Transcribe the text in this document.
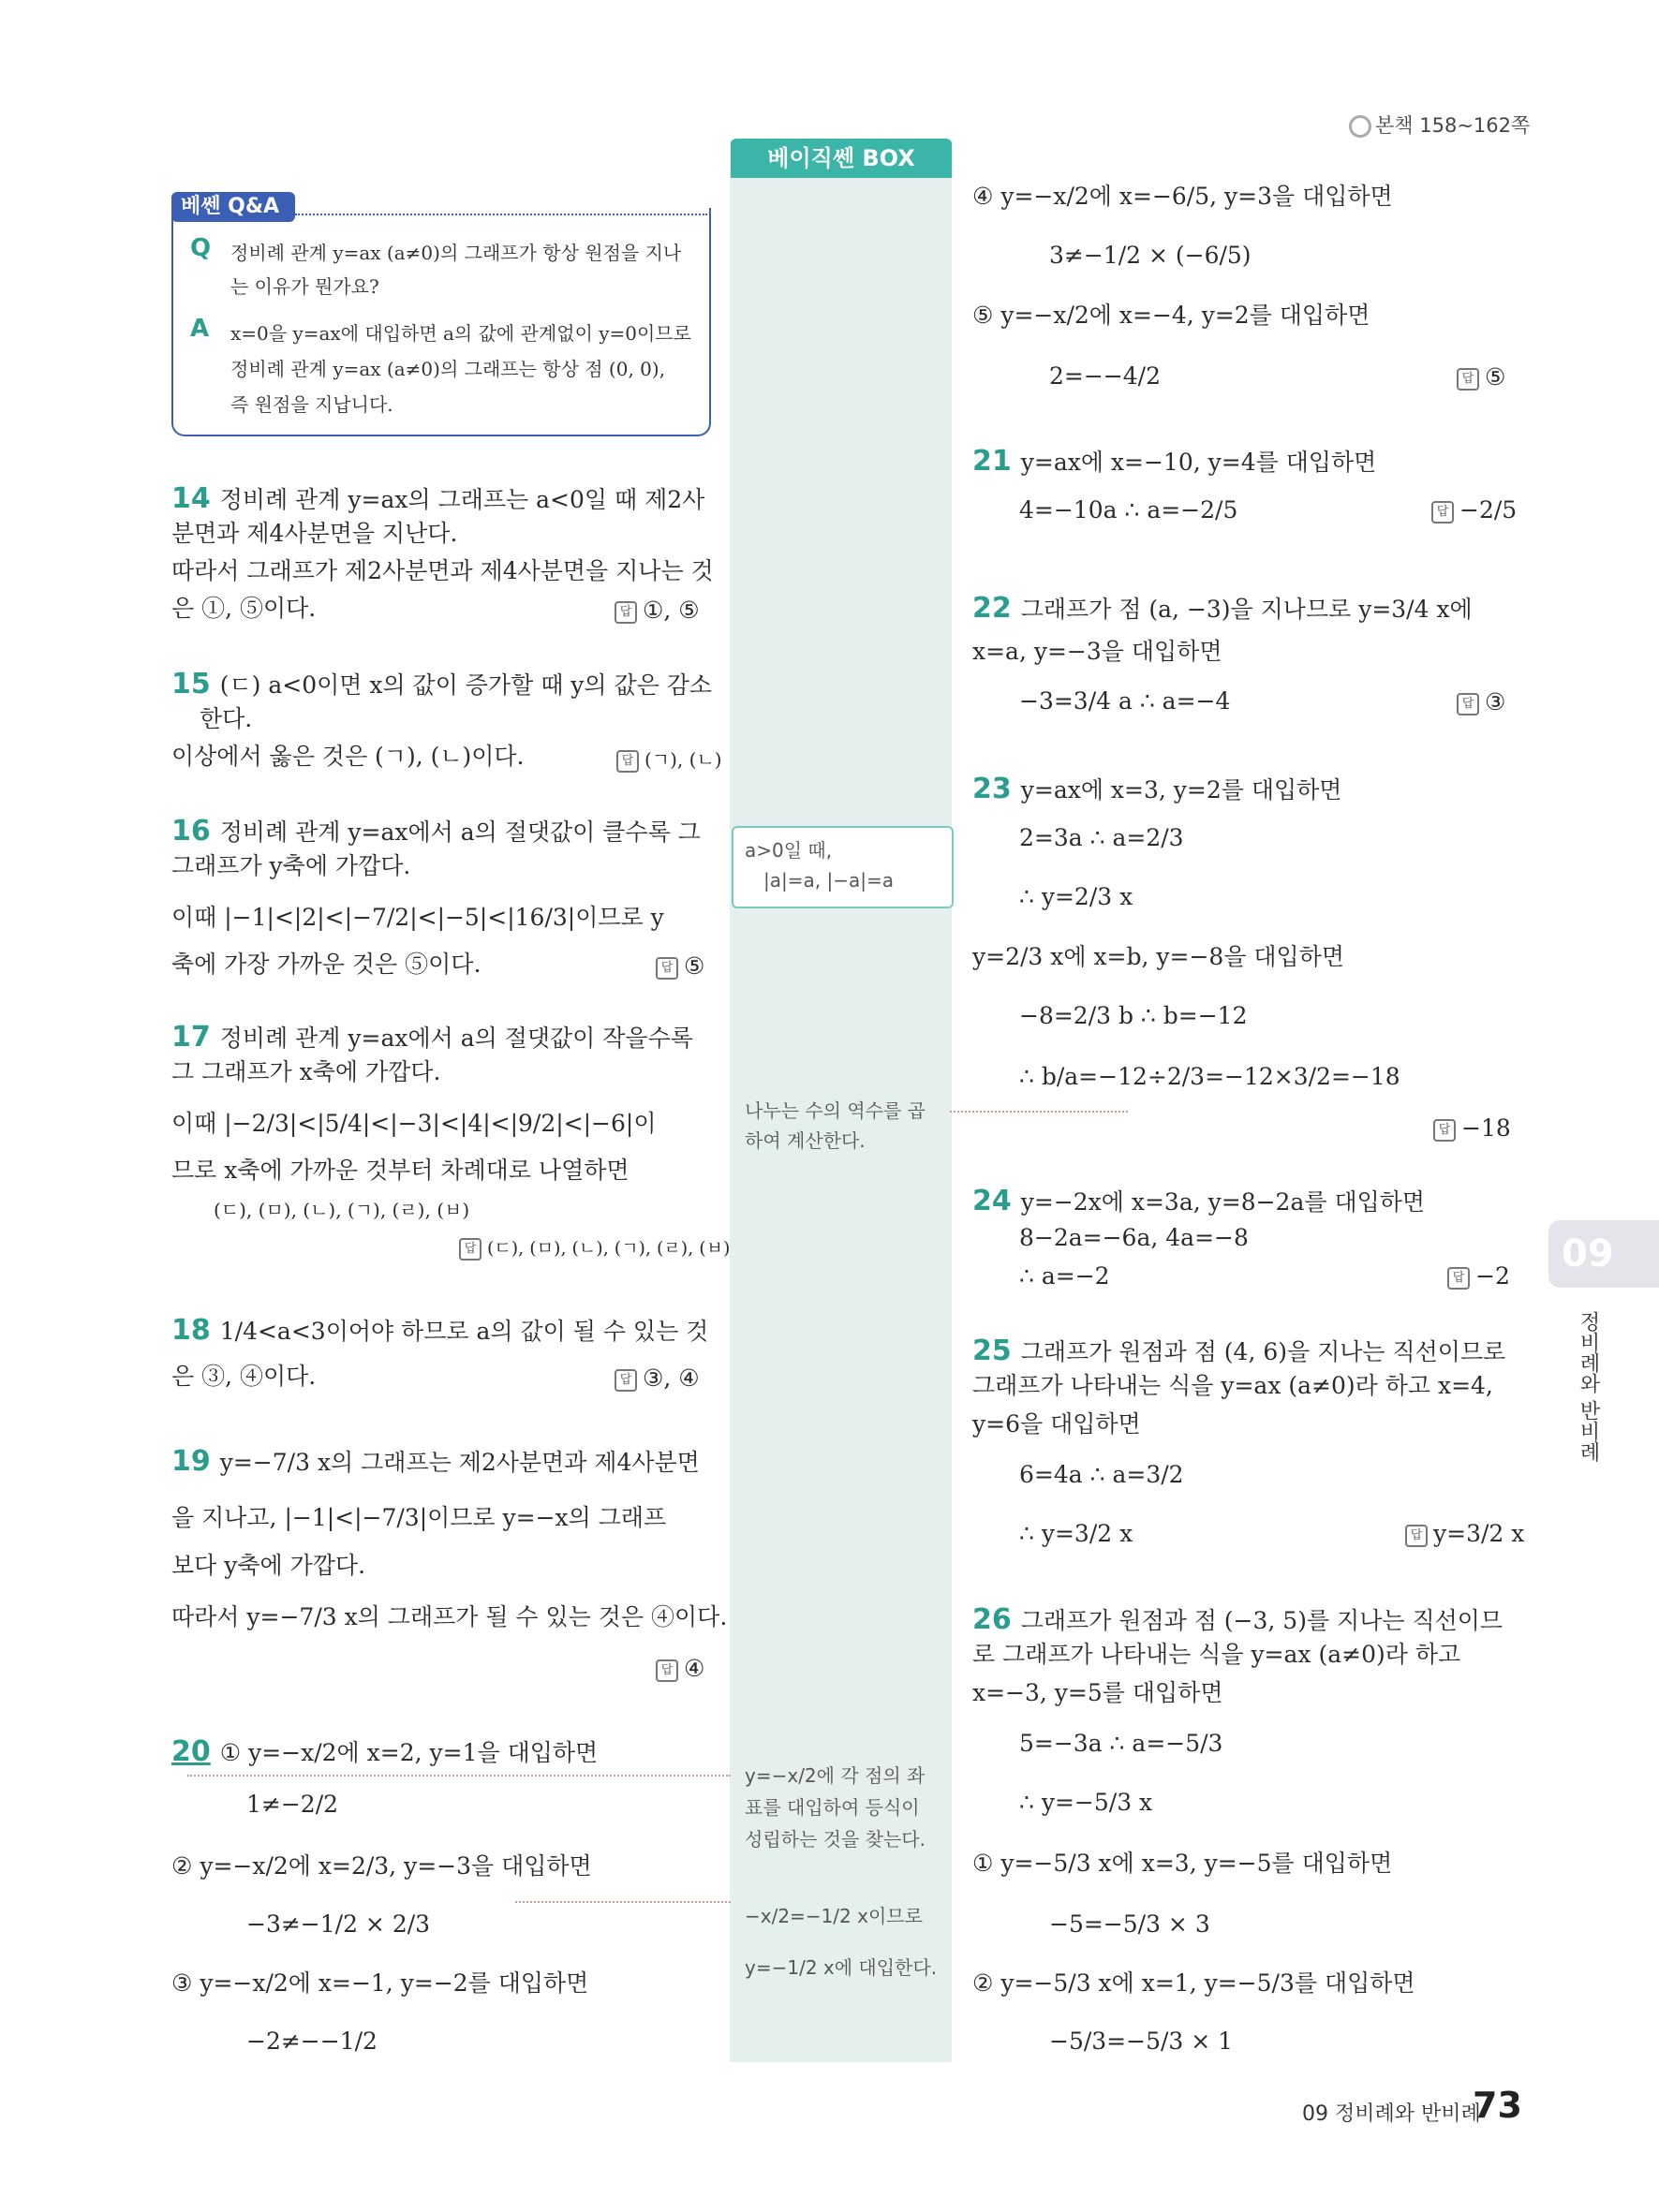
본책 158~162쪽
베이직쎈 BOX
베쎈 Q&A
Q 정비례 관계 y=ax (a≠0)의 그래프가 항상 원점을 지나
는 이유가 뭔가요?
A x=0을 y=ax에 대입하면 a의 값에 관계없이 y=0이므로
정비례 관계 y=ax (a≠0)의 그래프는 항상 점 (0, 0),
즉 원점을 지납니다.
14 정비례 관계 y=ax의 그래프는 a<0일 때 제2사
분면과 제4사분면을 지난다.
따라서 그래프가 제2사분면과 제4사분면을 지나는 것
은 ①, ⑤이다.	답 ①, ⑤
15 (ㄷ) a<0이면 x의 값이 증가할 때 y의 값은 감소
한다.
이상에서 옳은 것은 (ㄱ), (ㄴ)이다.	답 (ㄱ), (ㄴ)
16 정비례 관계 y=ax에서 a의 절댓값이 클수록 그
그래프가 y축에 가깝다.
이때 |−1|<|2|<|−7/2|<|−5|<|16/3|이므로 y
축에 가장 가까운 것은 ⑤이다.	답 ⑤
17 정비례 관계 y=ax에서 a의 절댓값이 작을수록
그 그래프가 x축에 가깝다.
이때 |−2/3|<|5/4|<|−3|<|4|<|9/2|<|−6|이
므로 x축에 가까운 것부터 차례대로 나열하면
(ㄷ), (ㅁ), (ㄴ), (ㄱ), (ㄹ), (ㅂ)
답 (ㄷ), (ㅁ), (ㄴ), (ㄱ), (ㄹ), (ㅂ)
18 1/4<a<3이어야 하므로 a의 값이 될 수 있는 것
은 ③, ④이다.	답 ③, ④
19 y=−7/3 x의 그래프는 제2사분면과 제4사분면
을 지나고, |−1|<|−7/3|이므로 y=−x의 그래프
보다 y축에 가깝다.
따라서 y=−7/3 x의 그래프가 될 수 있는 것은 ④이다.
답 ④
20 ① y=−x/2에 x=2, y=1을 대입하면
1≠−2/2
② y=−x/2에 x=2/3, y=−3을 대입하면
−3≠−1/2 × 2/3
③ y=−x/2에 x=−1, y=−2를 대입하면
−2≠−−1/2
a>0일 때,
|a|=a, |−a|=a
나누는 수의 역수를 곱
하여 계산한다.
y=−x/2에 각 점의 좌
표를 대입하여 등식이
성립하는 것을 찾는다.
−x/2=−1/2 x이므로
y=−1/2 x에 대입한다.
④ y=−x/2에 x=−6/5, y=3을 대입하면
3≠−1/2 × (−6/5)
⑤ y=−x/2에 x=−4, y=2를 대입하면
2=−−4/2	답 ⑤
21 y=ax에 x=−10, y=4를 대입하면
4=−10a ∴ a=−2/5	답 −2/5
22 그래프가 점 (a, −3)을 지나므로 y=3/4 x에
x=a, y=−3을 대입하면
−3=3/4 a ∴ a=−4	답 ③
23 y=ax에 x=3, y=2를 대입하면
2=3a ∴ a=2/3
∴ y=2/3 x
y=2/3 x에 x=b, y=−8을 대입하면
−8=2/3 b ∴ b=−12
∴ b/a=−12÷2/3=−12×3/2=−18
답 −18
24 y=−2x에 x=3a, y=8−2a를 대입하면
8−2a=−6a, 4a=−8
∴ a=−2	답 −2
25 그래프가 원점과 점 (4, 6)을 지나는 직선이므로
그래프가 나타내는 식을 y=ax (a≠0)라 하고 x=4,
y=6을 대입하면
6=4a ∴ a=3/2
∴ y=3/2 x	답 y=3/2 x
26 그래프가 원점과 점 (−3, 5)를 지나는 직선이므
로 그래프가 나타내는 식을 y=ax (a≠0)라 하고
x=−3, y=5를 대입하면
5=−3a ∴ a=−5/3
∴ y=−5/3 x
① y=−5/3 x에 x=3, y=−5를 대입하면
−5=−5/3 × 3
② y=−5/3 x에 x=1, y=−5/3를 대입하면
−5/3=−5/3 × 1
09
정비례와 반비례
09 정비례와 반비례
73
